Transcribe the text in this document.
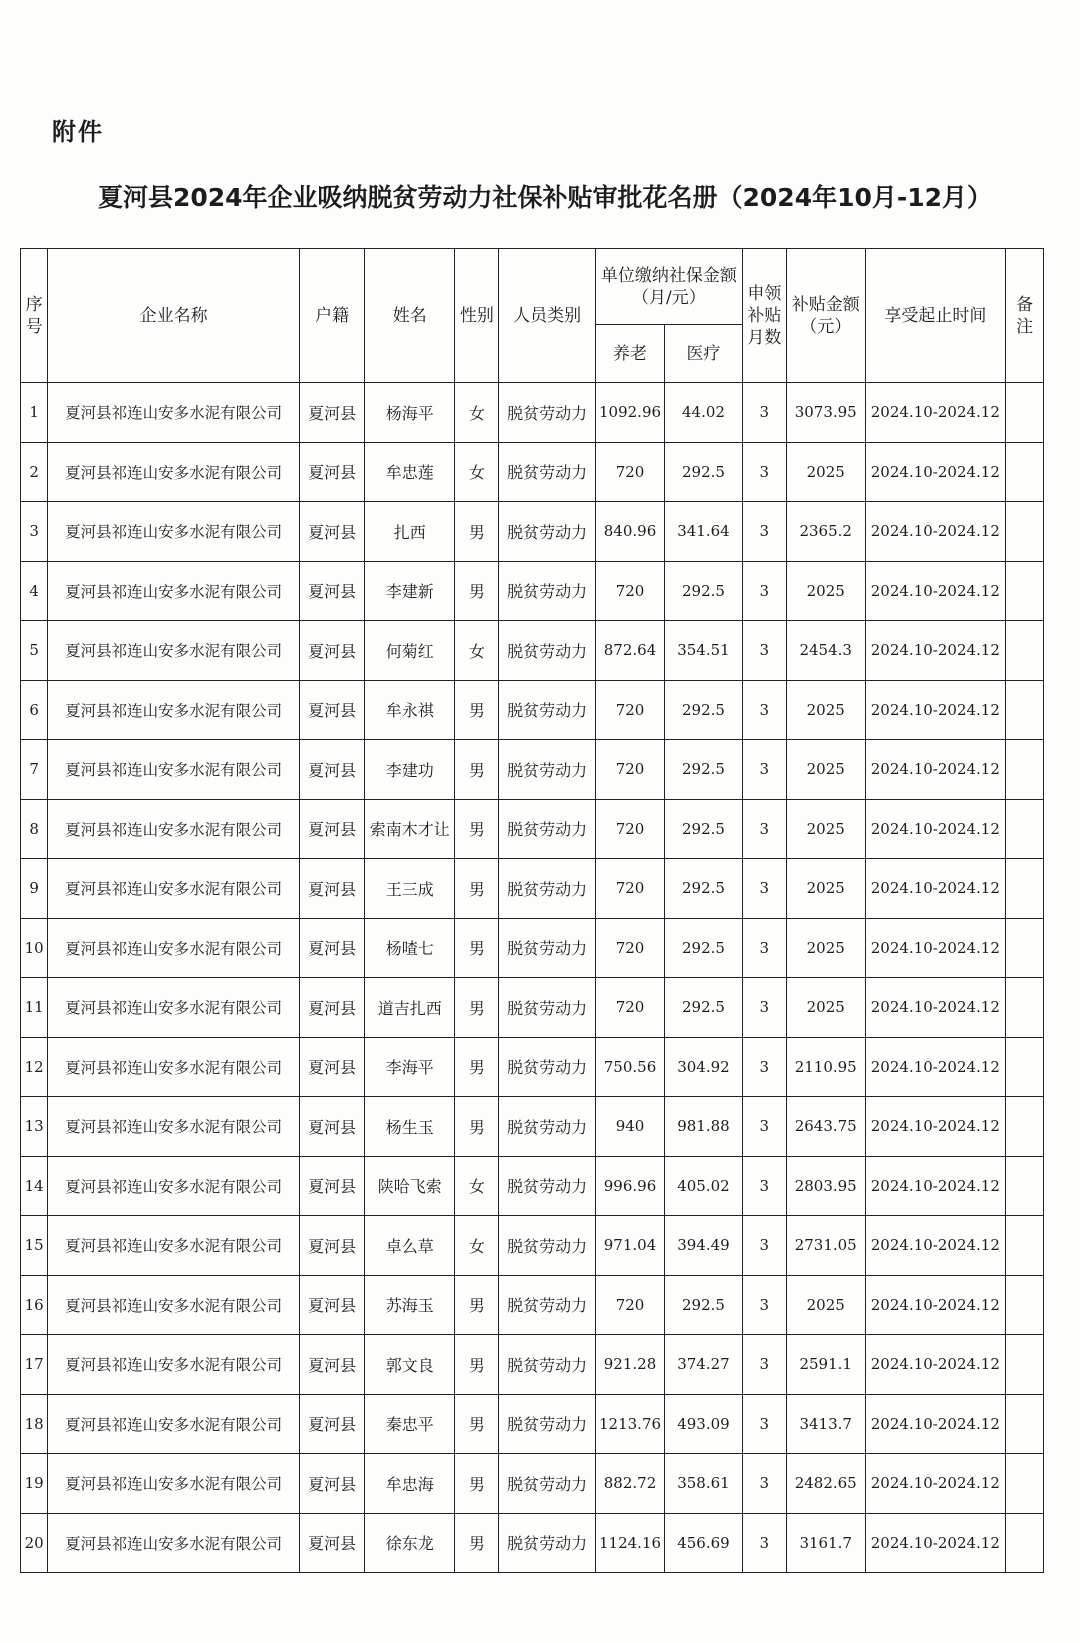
附件
夏河县2024年企业吸纳脱贫劳动力社保补贴审批花名册（2024年10月-12月）
序号	企业名称	户籍	姓名	性别	人员类别	单位缴纳社保金额（月/元）		申领补贴月数	补贴金额（元）	享受起止时间	备注
						养老	医疗				
1	夏河县祁连山安多水泥有限公司	夏河县	杨海平	女	脱贫劳动力	1092.96	44.02	3	3073.95	2024.10-2024.12	
2	夏河县祁连山安多水泥有限公司	夏河县	牟忠莲	女	脱贫劳动力	720	292.5	3	2025	2024.10-2024.12	
3	夏河县祁连山安多水泥有限公司	夏河县	扎西	男	脱贫劳动力	840.96	341.64	3	2365.2	2024.10-2024.12	
4	夏河县祁连山安多水泥有限公司	夏河县	李建新	男	脱贫劳动力	720	292.5	3	2025	2024.10-2024.12	
5	夏河县祁连山安多水泥有限公司	夏河县	何菊红	女	脱贫劳动力	872.64	354.51	3	2454.3	2024.10-2024.12	
6	夏河县祁连山安多水泥有限公司	夏河县	牟永祺	男	脱贫劳动力	720	292.5	3	2025	2024.10-2024.12	
7	夏河县祁连山安多水泥有限公司	夏河县	李建功	男	脱贫劳动力	720	292.5	3	2025	2024.10-2024.12	
8	夏河县祁连山安多水泥有限公司	夏河县	索南木才让	男	脱贫劳动力	720	292.5	3	2025	2024.10-2024.12	
9	夏河县祁连山安多水泥有限公司	夏河县	王三成	男	脱贫劳动力	720	292.5	3	2025	2024.10-2024.12	
10	夏河县祁连山安多水泥有限公司	夏河县	杨喳七	男	脱贫劳动力	720	292.5	3	2025	2024.10-2024.12	
11	夏河县祁连山安多水泥有限公司	夏河县	道吉扎西	男	脱贫劳动力	720	292.5	3	2025	2024.10-2024.12	
12	夏河县祁连山安多水泥有限公司	夏河县	李海平	男	脱贫劳动力	750.56	304.92	3	2110.95	2024.10-2024.12	
13	夏河县祁连山安多水泥有限公司	夏河县	杨生玉	男	脱贫劳动力	940	981.88	3	2643.75	2024.10-2024.12	
14	夏河县祁连山安多水泥有限公司	夏河县	陕哈飞索	女	脱贫劳动力	996.96	405.02	3	2803.95	2024.10-2024.12	
15	夏河县祁连山安多水泥有限公司	夏河县	卓么草	女	脱贫劳动力	971.04	394.49	3	2731.05	2024.10-2024.12	
16	夏河县祁连山安多水泥有限公司	夏河县	苏海玉	男	脱贫劳动力	720	292.5	3	2025	2024.10-2024.12	
17	夏河县祁连山安多水泥有限公司	夏河县	郭文良	男	脱贫劳动力	921.28	374.27	3	2591.1	2024.10-2024.12	
18	夏河县祁连山安多水泥有限公司	夏河县	秦忠平	男	脱贫劳动力	1213.76	493.09	3	3413.7	2024.10-2024.12	
19	夏河县祁连山安多水泥有限公司	夏河县	牟忠海	男	脱贫劳动力	882.72	358.61	3	2482.65	2024.10-2024.12	
20	夏河县祁连山安多水泥有限公司	夏河县	徐东龙	男	脱贫劳动力	1124.16	456.69	3	3161.7	2024.10-2024.12	
